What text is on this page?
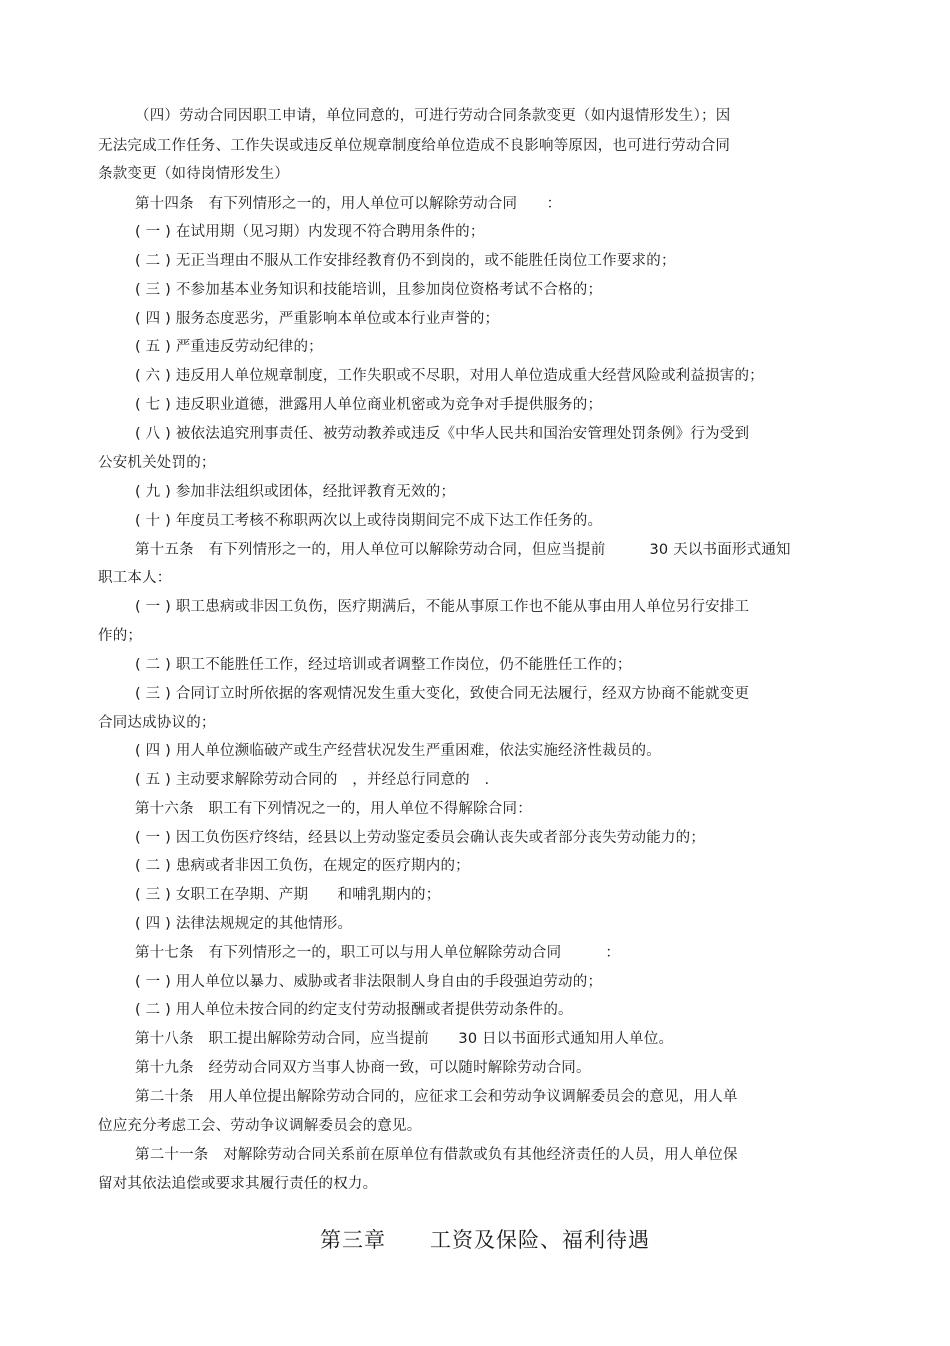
（四）劳动合同因职工申请，单位同意的，可进行劳动合同条款变更（如内退情形发生）；因
无法完成工作任务、工作失误或违反单位规章制度给单位造成不良影响等原因，也可进行劳动合同
条款变更（如待岗情形发生）
第十四条　有下列情形之一的，用人单位可以解除劳动合同　　：
( 一 ) 在试用期（见习期）内发现不符合聘用条件的；
( 二 ) 无正当理由不服从工作安排经教育仍不到岗的，或不能胜任岗位工作要求的；
( 三 ) 不参加基本业务知识和技能培训，且参加岗位资格考试不合格的；
( 四 ) 服务态度恶劣，严重影响本单位或本行业声誉的；
( 五 ) 严重违反劳动纪律的；
( 六 ) 违反用人单位规章制度，工作失职或不尽职，对用人单位造成重大经营风险或利益损害的；
( 七 ) 违反职业道德，泄露用人单位商业机密或为竞争对手提供服务的；
( 八 ) 被依法追究刑事责任、被劳动教养或违反《中华人民共和国治安管理处罚条例》行为受到
公安机关处罚的；
( 九 ) 参加非法组织或团体，经批评教育无效的；
( 十 ) 年度员工考核不称职两次以上或待岗期间完不成下达工作任务的。
第十五条　有下列情形之一的，用人单位可以解除劳动合同，但应当提前　　　30 天以书面形式通知
职工本人：
( 一 ) 职工患病或非因工负伤，医疗期满后，不能从事原工作也不能从事由用人单位另行安排工
作的；
( 二 ) 职工不能胜任工作，经过培训或者调整工作岗位，仍不能胜任工作的；
( 三 ) 合同订立时所依据的客观情况发生重大变化，致使合同无法履行，经双方协商不能就变更
合同达成协议的；
( 四 ) 用人单位濒临破产或生产经营状况发生严重困难，依法实施经济性裁员的。
( 五 ) 主动要求解除劳动合同的　，并经总行同意的　.
第十六条　职工有下列情况之一的，用人单位不得解除合同：
( 一 ) 因工负伤医疗终结，经县以上劳动鉴定委员会确认丧失或者部分丧失劳动能力的；
( 二 ) 患病或者非因工负伤，在规定的医疗期内的；
( 三 ) 女职工在孕期、产期　　和哺乳期内的；
( 四 ) 法律法规规定的其他情形。
第十七条　有下列情形之一的，职工可以与用人单位解除劳动合同　　　：
( 一 ) 用人单位以暴力、威胁或者非法限制人身自由的手段强迫劳动的；
( 二 ) 用人单位未按合同的约定支付劳动报酬或者提供劳动条件的。
第十八条　职工提出解除劳动合同，应当提前　　30 日以书面形式通知用人单位。
第十九条　经劳动合同双方当事人协商一致，可以随时解除劳动合同。
第二十条　用人单位提出解除劳动合同的，应征求工会和劳动争议调解委员会的意见，用人单
位应充分考虑工会、劳动争议调解委员会的意见。
第二十一条　对解除劳动合同关系前在原单位有借款或负有其他经济责任的人员，用人单位保
留对其依法追偿或要求其履行责任的权力。
第三章　　工资及保险、福利待遇
